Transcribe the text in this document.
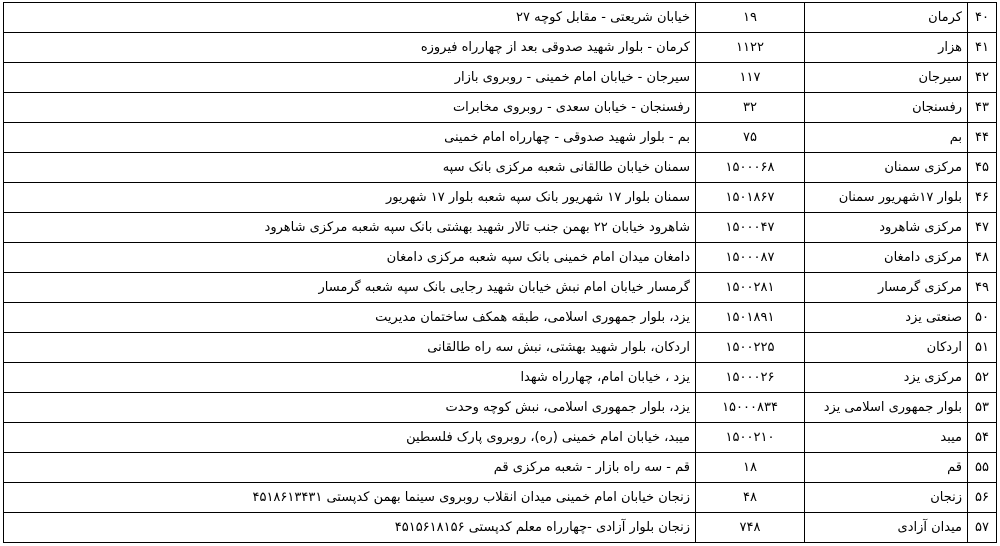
۴۰	کرمان	۱۹	خیابان شریعتی - مقابل کوچه ۲۷
۴۱	هزار	۱۱۲۲	کرمان - بلوار شهید صدوقی بعد از چهارراه فیروزه
۴۲	سیرجان	۱۱۷	سیرجان - خیابان امام خمینی - روبروی بازار
۴۳	رفسنجان	۳۲	رفسنجان - خیابان سعدی - روبروی مخابرات
۴۴	بم	۷۵	بم - بلوار شهید صدوقی - چهارراه امام خمینی
۴۵	مرکزی سمنان	۱۵۰۰۰۶۸	سمنان خیابان طالقانی شعبه مرکزی بانک سپه
۴۶	بلوار ۱۷شهریور سمنان	۱۵۰۱۸۶۷	سمنان بلوار ۱۷ شهریور بانک سپه شعبه بلوار ۱۷ شهریور
۴۷	مرکزی شاهرود	۱۵۰۰۰۴۷	شاهرود خیابان ۲۲ بهمن جنب تالار شهید بهشتی بانک سپه شعبه مرکزی شاهرود
۴۸	مرکزی دامغان	۱۵۰۰۰۸۷	دامغان میدان امام خمینی بانک سپه شعبه مرکزی دامغان
۴۹	مرکزی گرمسار	۱۵۰۰۲۸۱	گرمسار خیابان امام نبش خیابان شهید رجایی بانک سپه شعبه گرمسار
۵۰	صنعتی یزد	۱۵۰۱۸۹۱	یزد، بلوار جمهوری اسلامی، طبقه همکف ساختمان مدیریت
۵۱	اردکان	۱۵۰۰۲۲۵	اردکان، بلوار شهید بهشتی، نبش سه راه طالقانی
۵۲	مرکزی یزد	۱۵۰۰۰۲۶	یزد ، خیابان امام، چهارراه شهدا
۵۳	بلوار جمهوری اسلامی یزد	۱۵۰۰۰۸۳۴	یزد، بلوار جمهوری اسلامی، نبش کوچه وحدت
۵۴	میبد	۱۵۰۰۲۱۰	میبد، خیابان امام خمینی (ره)، روبروی پارک فلسطین
۵۵	قم	۱۸	قم - سه راه بازار - شعبه مرکزی قم
۵۶	زنجان	۴۸	زنجان خیابان امام خمینی میدان انقلاب روبروی سینما بهمن کدپستی ۴۵۱۸۶۱۳۴۳۱
۵۷	میدان آزادی	۷۴۸	زنجان بلوار آزادی -چهارراه معلم کدپستی ۴۵۱۵۶۱۸۱۵۶
